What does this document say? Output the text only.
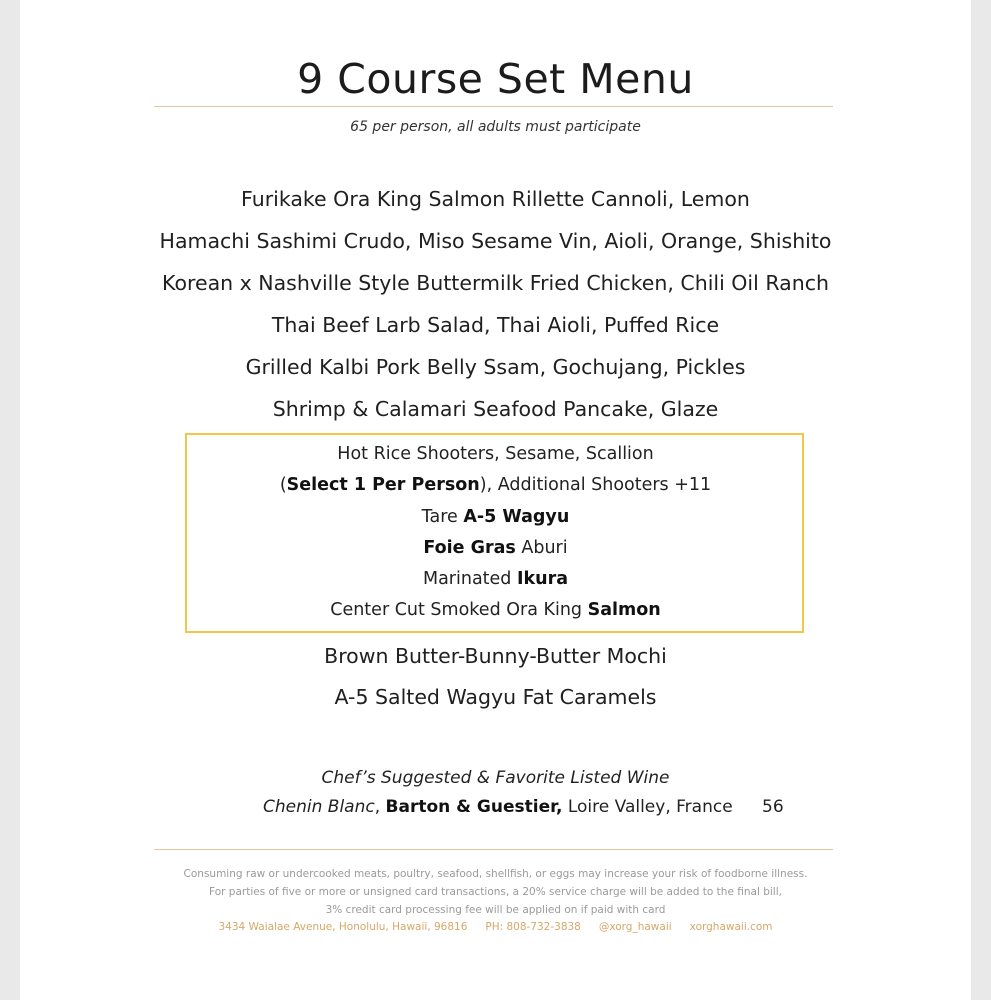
9 Course Set Menu
65 per person, all adults must participate
Furikake Ora King Salmon Rillette Cannoli, Lemon
Hamachi Sashimi Crudo, Miso Sesame Vin, Aioli, Orange, Shishito
Korean x Nashville Style Buttermilk Fried Chicken, Chili Oil Ranch
Thai Beef Larb Salad, Thai Aioli, Puffed Rice
Grilled Kalbi Pork Belly Ssam, Gochujang, Pickles
Shrimp & Calamari Seafood Pancake, Glaze
Hot Rice Shooters, Sesame, Scallion
(Select 1 Per Person), Additional Shooters +11
Tare A-5 Wagyu
Foie Gras Aburi
Marinated Ikura
Center Cut Smoked Ora King Salmon
Brown Butter-Bunny-Butter Mochi
A-5 Salted Wagyu Fat Caramels
Chef’s Suggested & Favorite Listed Wine
Chenin Blanc, Barton & Guestier, Loire Valley, France 56
Consuming raw or undercooked meats, poultry, seafood, shellfish, or eggs may increase your risk of foodborne illness.
For parties of five or more or unsigned card transactions, a 20% service charge will be added to the final bill,
3% credit card processing fee will be applied on if paid with card
3434 Waialae Avenue, Honolulu, Hawaii, 96816 PH: 808-732-3838 @xorg_hawaii xorghawaii.com
